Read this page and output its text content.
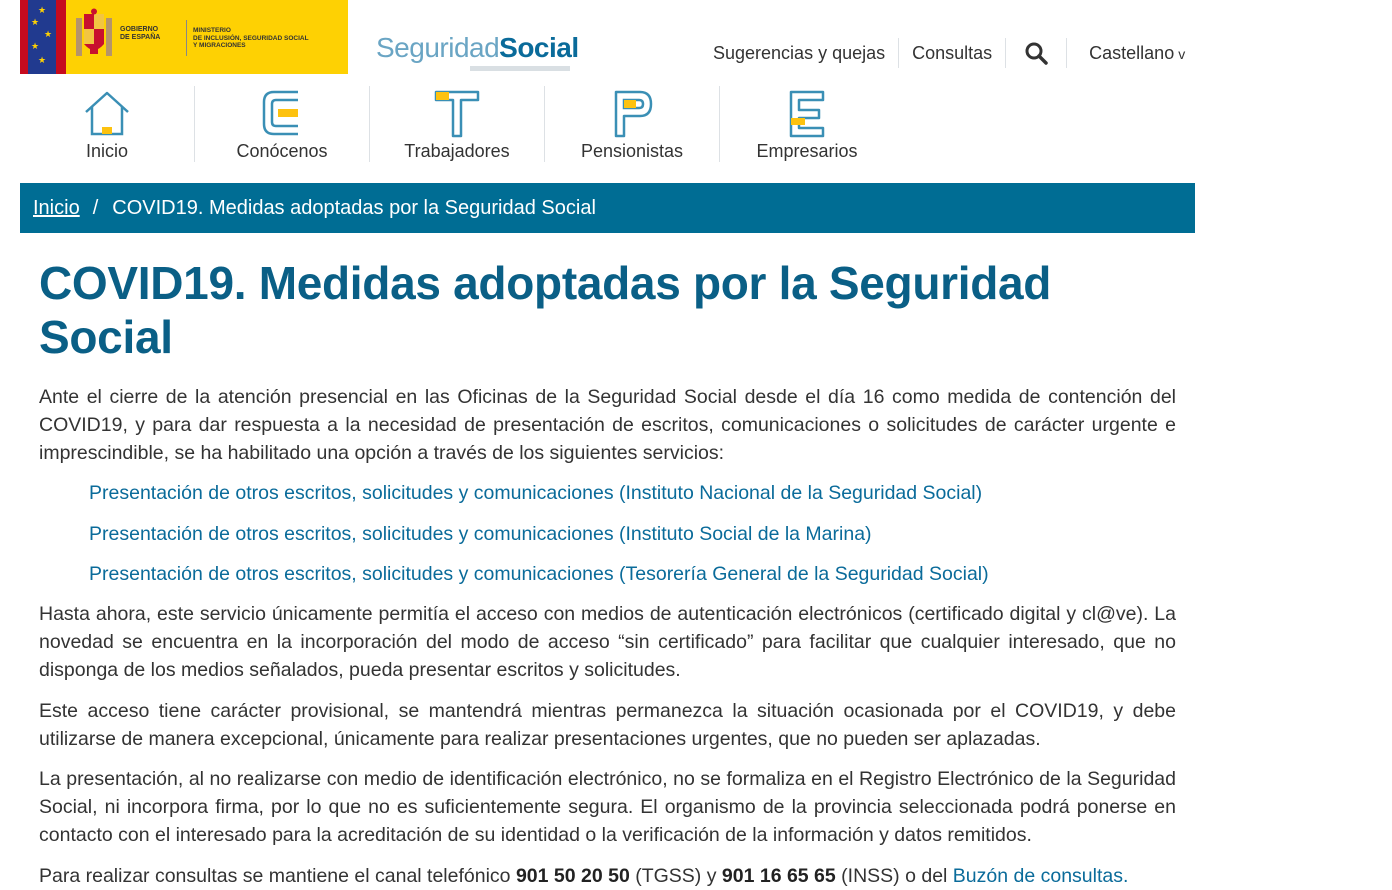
★
★
★
★
★
GOBIERNO
DE ESPAÑA
MINISTERIO
DE INCLUSIÓN, SEGURIDAD SOCIAL
Y MIGRACIONES	SeguridadSocial	Sugerencias y quejas	Consultas	Castellano v
Inicio	Conócenos	Trabajadores	Pensionistas	Empresarios
Inicio / COVID19. Medidas adoptadas por la Seguridad Social
COVID19. Medidas adoptadas por la Seguridad Social

Ante el cierre de la atención presencial en las Oficinas de la Seguridad Social desde el día 16 como medida de contención del COVID19, y para dar respuesta a la necesidad de presentación de escritos, comunicaciones o solicitudes de carácter urgente e imprescindible, se ha habilitado una opción a través de los siguientes servicios:

Presentación de otros escritos, solicitudes y comunicaciones (Instituto Nacional de la Seguridad Social)
Presentación de otros escritos, solicitudes y comunicaciones (Instituto Social de la Marina)
Presentación de otros escritos, solicitudes y comunicaciones (Tesorería General de la Seguridad Social)

Hasta ahora, este servicio únicamente permitía el acceso con medios de autenticación electrónicos (certificado digital y cl@ve). La novedad se encuentra en la incorporación del modo de acceso “sin certificado” para facilitar que cualquier interesado, que no disponga de los medios señalados, pueda presentar escritos y solicitudes.

Este acceso tiene carácter provisional, se mantendrá mientras permanezca la situación ocasionada por el COVID19, y debe utilizarse de manera excepcional, únicamente para realizar presentaciones urgentes, que no pueden ser aplazadas.

La presentación, al no realizarse con medio de identificación electrónico, no se formaliza en el Registro Electrónico de la Seguridad Social, ni incorpora firma, por lo que no es suficientemente segura. El organismo de la provincia seleccionada podrá ponerse en contacto con el interesado para la acreditación de su identidad o la verificación de la información y datos remitidos.

Para realizar consultas se mantiene el canal telefónico 901 50 20 50 (TGSS) y 901 16 65 65 (INSS) o del Buzón de consultas.
